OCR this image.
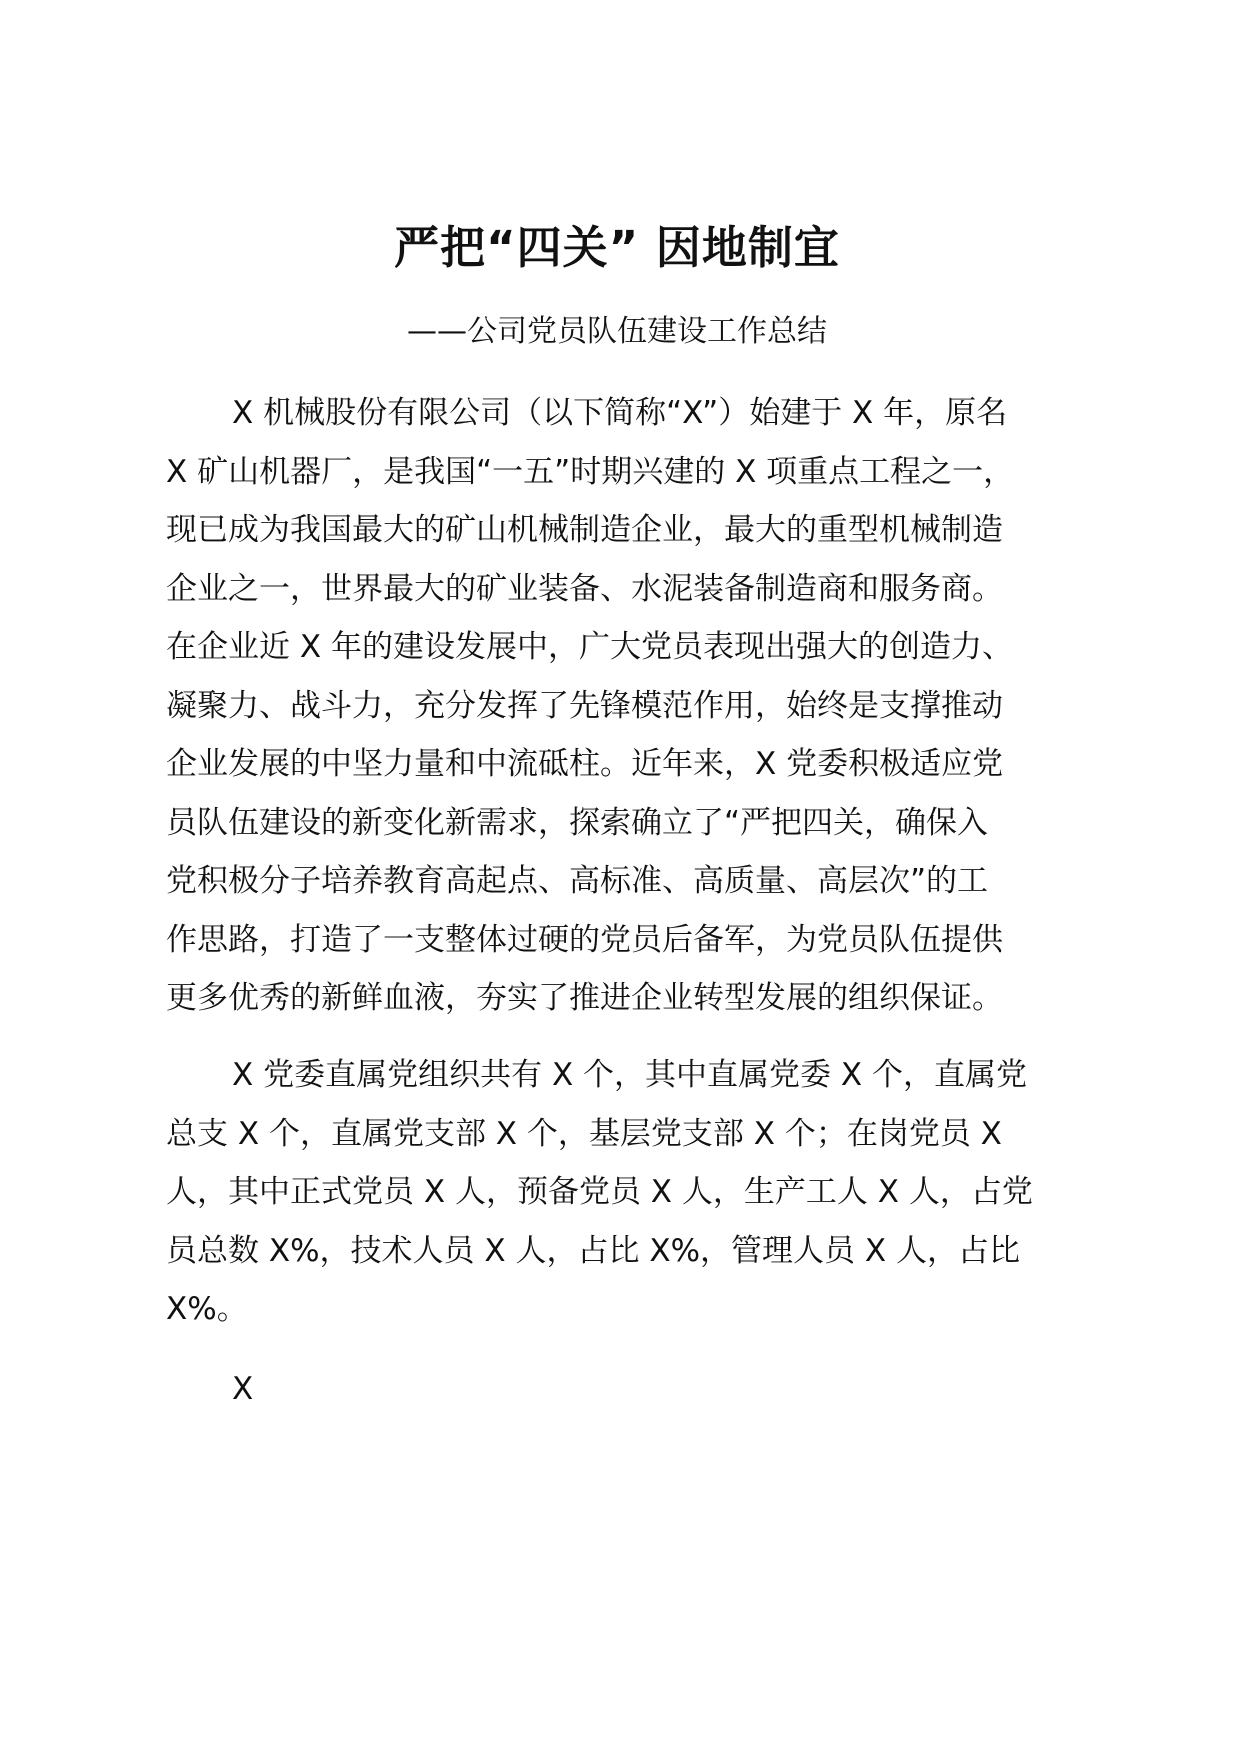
严把“四关” 因地制宜
——公司党员队伍建设工作总结
X 机械股份有限公司（以下简称“X”）始建于 X 年，原名
X 矿山机器厂，是我国“一五”时期兴建的 X 项重点工程之一，
现已成为我国最大的矿山机械制造企业，最大的重型机械制造
企业之一，世界最大的矿业装备、水泥装备制造商和服务商。
在企业近 X 年的建设发展中，广大党员表现出强大的创造力、
凝聚力、战斗力，充分发挥了先锋模范作用，始终是支撑推动
企业发展的中坚力量和中流砥柱。近年来，X 党委积极适应党
员队伍建设的新变化新需求，探索确立了“严把四关，确保入
党积极分子培养教育高起点、高标准、高质量、高层次”的工
作思路，打造了一支整体过硬的党员后备军，为党员队伍提供
更多优秀的新鲜血液，夯实了推进企业转型发展的组织保证。
X 党委直属党组织共有 X 个，其中直属党委 X 个，直属党
总支 X 个，直属党支部 X 个，基层党支部 X 个；在岗党员 X
人，其中正式党员 X 人，预备党员 X 人，生产工人 X 人，占党
员总数 X%，技术人员 X 人，占比 X%，管理人员 X 人，占比
X%。
X
